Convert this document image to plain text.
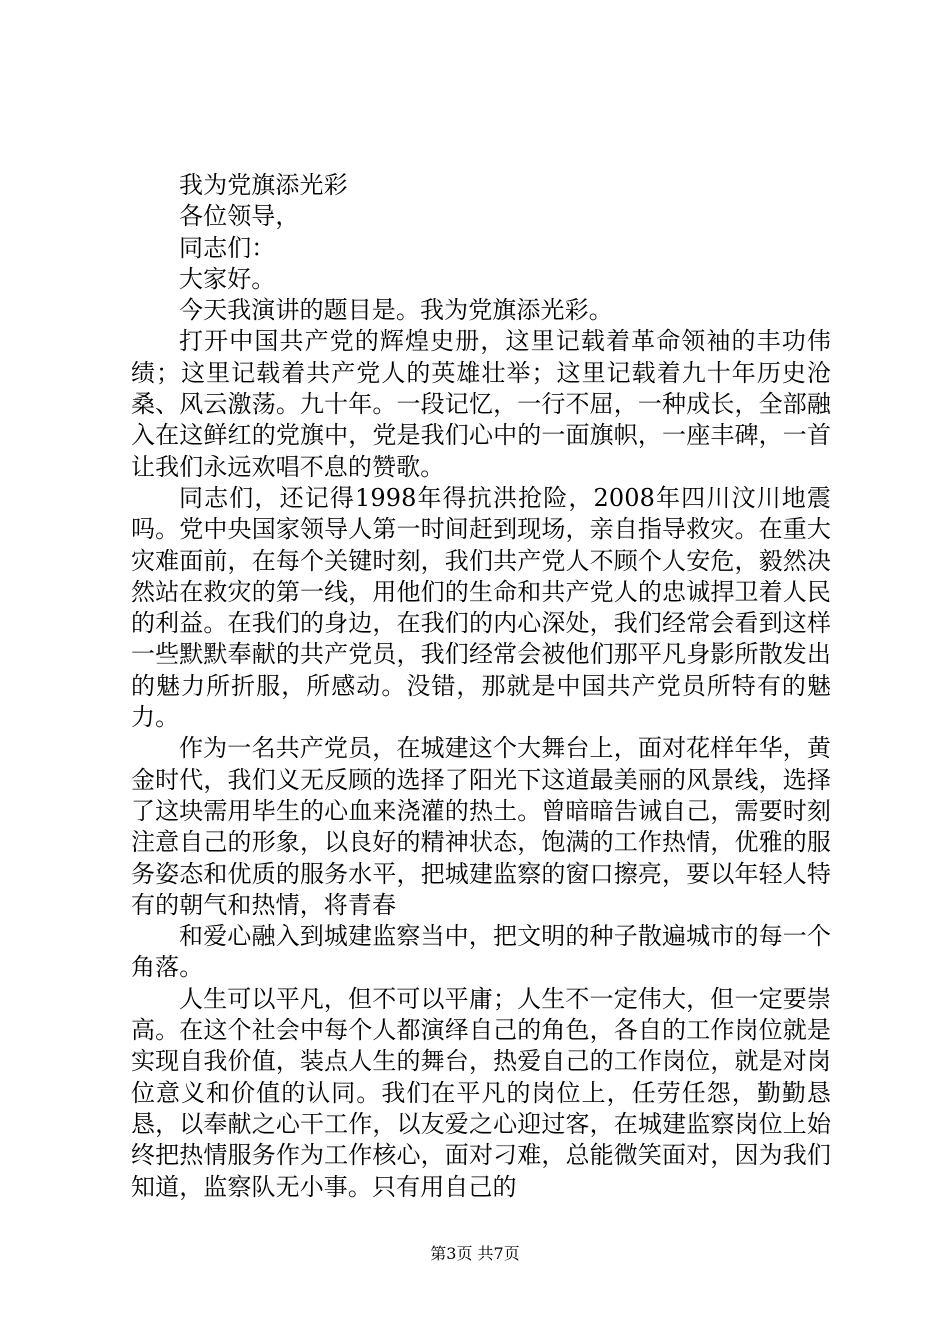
我为党旗添光彩

各位领导，

同志们：

大家好。

今天我演讲的题目是。我为党旗添光彩。

打开中国共产党的辉煌史册，这里记载着革命领袖的丰功伟绩；这里记载着共产党人的英雄壮举；这里记载着九十年历史沧桑、风云激荡。九十年。一段记忆，一行不屈，一种成长，全部融入在这鲜红的党旗中，党是我们心中的一面旗帜，一座丰碑，一首让我们永远欢唱不息的赞歌。

同志们，还记得1998年得抗洪抢险，2008年四川汶川地震吗。党中央国家领导人第一时间赶到现场，亲自指导救灾。在重大灾难面前，在每个关键时刻，我们共产党人不顾个人安危，毅然决然站在救灾的第一线，用他们的生命和共产党人的忠诚捍卫着人民的利益。在我们的身边，在我们的内心深处，我们经常会看到这样一些默默奉献的共产党员，我们经常会被他们那平凡身影所散发出的魅力所折服，所感动。没错，那就是中国共产党员所特有的魅力。

作为一名共产党员，在城建这个大舞台上，面对花样年华，黄金时代，我们义无反顾的选择了阳光下这道最美丽的风景线，选择了这块需用毕生的心血来浇灌的热土。曾暗暗告诫自己，需要时刻注意自己的形象，以良好的精神状态，饱满的工作热情，优雅的服务姿态和优质的服务水平，把城建监察的窗口擦亮，要以年轻人特有的朝气和热情，将青春

和爱心融入到城建监察当中，把文明的种子散遍城市的每一个角落。

人生可以平凡，但不可以平庸；人生不一定伟大，但一定要崇高。在这个社会中每个人都演绎自己的角色，各自的工作岗位就是实现自我价值，装点人生的舞台，热爱自己的工作岗位，就是对岗位意义和价值的认同。我们在平凡的岗位上，任劳任怨，勤勤恳恳，以奉献之心干工作，以友爱之心迎过客，在城建监察岗位上始终把热情服务作为工作核心，面对刁难，总能微笑面对，因为我们知道，监察队无小事。只有用自己的

第3页 共7页
